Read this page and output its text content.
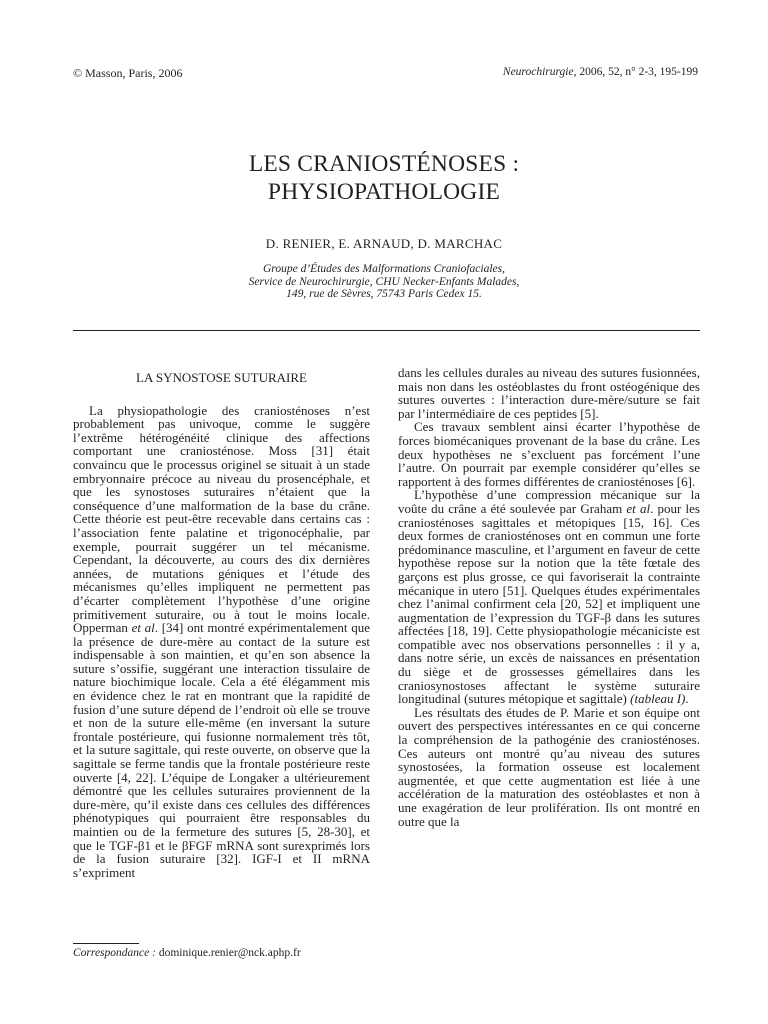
© Masson, Paris, 2006	Neurochirurgie, 2006, 52, n° 2-3, 195-199
LES CRANIOSTÉNOSES :
PHYSIOPATHOLOGIE
D. RENIER, E. ARNAUD, D. MARCHAC
Groupe d’Études des Malformations Craniofaciales,
Service de Neurochirurgie, CHU Necker-Enfants Malades,
149, rue de Sèvres, 75743 Paris Cedex 15.
LA SYNOSTOSE SUTURAIRE

La physiopathologie des craniosténoses n’est probablement pas univoque, comme le suggère l’extrême hétérogénéité clinique des affections comportant une craniosténose. Moss [31] était convaincu que le processus originel se situait à un stade embryonnaire précoce au niveau du prosencéphale, et que les synostoses suturaires n’étaient que la conséquence d’une malformation de la base du crâne. Cette théorie est peut-être recevable dans certains cas : l’association fente palatine et trigonocéphalie, par exemple, pourrait suggérer un tel mécanisme. Cependant, la découverte, au cours des dix dernières années, de mutations géniques et l’étude des mécanismes qu’elles impliquent ne permettent pas d’écarter complètement l’hypothèse d’une origine primitivement suturaire, ou à tout le moins locale. Opperman et al. [34] ont montré expérimentalement que la présence de dure-mère au contact de la suture est indispensable à son maintien, et qu’en son absence la suture s’ossifie, suggérant une interaction tissulaire de nature biochimique locale. Cela a été élégamment mis en évidence chez le rat en montrant que la rapidité de fusion d’une suture dépend de l’endroit où elle se trouve et non de la suture elle-même (en inversant la suture frontale postérieure, qui fusionne normalement très tôt, et la suture sagittale, qui reste ouverte, on observe que la sagittale se ferme tandis que la frontale postérieure reste ouverte [4, 22]. L’équipe de Longaker a ultérieurement démontré que les cellules suturaires proviennent de la dure-mère, qu’il existe dans ces cellules des différences phénotypiques qui pourraient être responsables du maintien ou de la fermeture des sutures [5, 28-30], et que le TGF-β1 et le βFGF mRNA sont surexprimés lors de la fusion suturaire [32]. IGF-I et II mRNA s’expriment

dans les cellules durales au niveau des sutures fusionnées, mais non dans les ostéoblastes du front ostéogénique des sutures ouvertes : l’interaction dure-mère/suture se fait par l’intermédiaire de ces peptides [5].

Ces travaux semblent ainsi écarter l’hypothèse de forces biomécaniques provenant de la base du crâne. Les deux hypothèses ne s’excluent pas forcément l’une l’autre. On pourrait par exemple considérer qu’elles se rapportent à des formes différentes de craniosténoses [6].

L’hypothèse d’une compression mécanique sur la voûte du crâne a été soulevée par Graham et al. pour les craniosténoses sagittales et métopiques [15, 16]. Ces deux formes de craniosténoses ont en commun une forte prédominance masculine, et l’argument en faveur de cette hypothèse repose sur la notion que la tête fœtale des garçons est plus grosse, ce qui favoriserait la contrainte mécanique in utero [51]. Quelques études expérimentales chez l’animal confirment cela [20, 52] et impliquent une augmentation de l’expression du TGF-β dans les sutures affectées [18, 19]. Cette physiopathologie mécaniciste est compatible avec nos observations personnelles : il y a, dans notre série, un excès de naissances en présentation du siège et de grossesses gémellaires dans les craniosynostoses affectant le système suturaire longitudinal (sutures métopique et sagittale) (tableau I).

Les résultats des études de P. Marie et son équipe ont ouvert des perspectives intéressantes en ce qui concerne la compréhension de la pathogénie des craniosténoses. Ces auteurs ont montré qu’au niveau des sutures synostosées, la formation osseuse est localement augmentée, et que cette augmentation est liée à une accélération de la maturation des ostéoblastes et non à une exagération de leur prolifération. Ils ont montré en outre que la

Correspondance : dominique.renier@nck.aphp.fr
